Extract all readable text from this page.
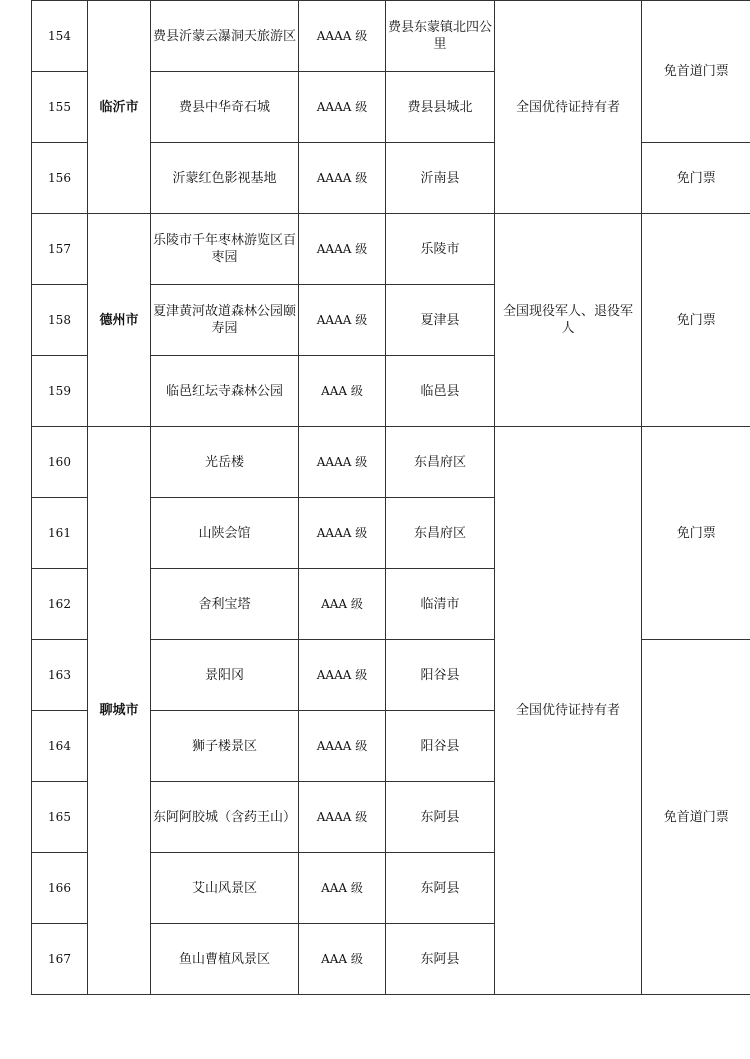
154	临沂市	费县沂蒙云瀑洞天旅游区	AAAA 级	费县东蒙镇北四公里	全国优待证持有者	免首道门票
155		费县中华奇石城	AAAA 级	费县县城北		
156		沂蒙红色影视基地	AAAA 级	沂南县		免门票
157	德州市	乐陵市千年枣林游览区百枣园	AAAA 级	乐陵市	全国现役军人、退役军人	免门票
158		夏津黄河故道森林公园颐寿园	AAAA 级	夏津县		
159		临邑红坛寺森林公园	AAA 级	临邑县		
160	聊城市	光岳楼	AAAA 级	东昌府区	全国优待证持有者	免门票
161		山陕会馆	AAAA 级	东昌府区		
162		舍利宝塔	AAA 级	临清市		
163		景阳冈	AAAA 级	阳谷县		免首道门票
164		狮子楼景区	AAAA 级	阳谷县		
165		东阿阿胶城（含药王山）	AAAA 级	东阿县		
166		艾山风景区	AAA 级	东阿县		
167		鱼山曹植风景区	AAA 级	东阿县		
